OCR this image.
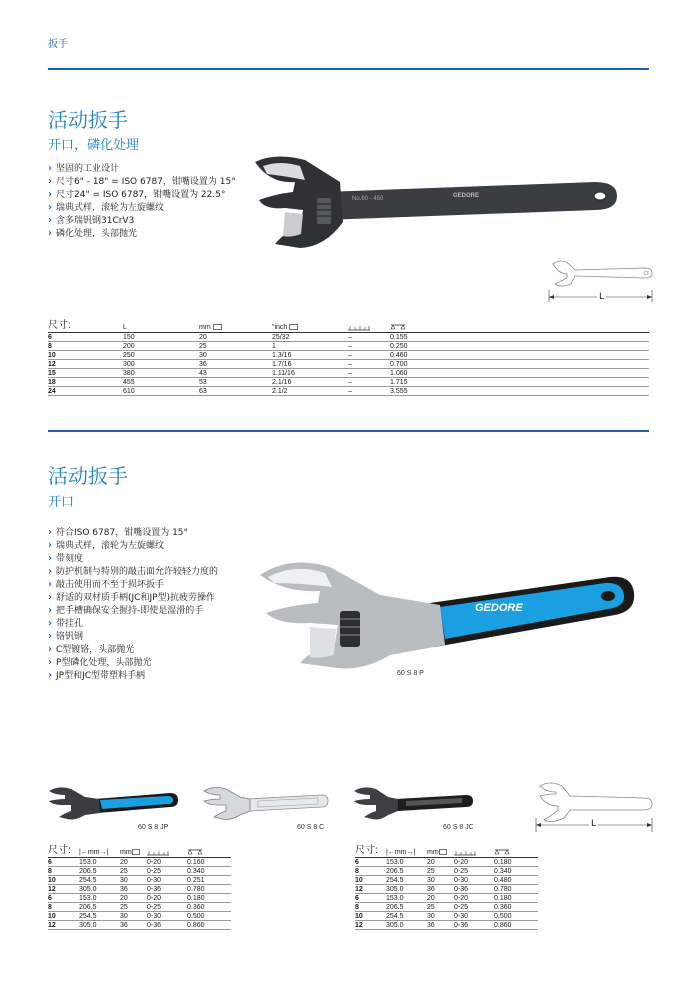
扳手
活动扳手
开口，磷化处理
› 坚固的工业设计
› 尺寸6" - 18" = ISO 6787，钳嘴设置为 15°
› 尺寸24" = ISO 6787，钳嘴设置为 22.5°
› 瑞典式样，滚轮为左旋螺纹
› 含多瑞钒钢31CrV3
› 磷化处理，头部抛光
No.60 - 450	GEDORE
L
尺寸:	L	mm	"inch	

6	150	20	25/32	–	0.155
8	200	25	1	–	0.250
10	250	30	1.3/16	–	0.460
12	300	36	1.7/16	–	0.700
15	380	43	1.11/16	–	1.060
18	455	53	2.1/16	–	1.715
24	610	63	2.1/2	–	3.555
活动扳手
开口
› 符合ISO 6787，钳嘴设置为 15°
› 瑞典式样，滚轮为左旋螺纹
› 带刻度
› 防护机制与特别的敲击面允许较轻力度的
› 敲击使用而不至于损坏扳手
› 舒适的双材质手柄(JC和JP型)抗疲劳操作
› 把手槽确保安全握持-即使是湿滑的手
› 带挂孔
› 铬钒钢
› C型镀铬，头部抛光
› P型磷化处理，头部抛光
› JP型和JC型带塑料手柄
GEDORE
60 S 8 P
60 S 8 JP	60 S 8 C	60 S 8 JC	L
尺寸:	|←mm→|	mm	

6	153.0	20	0-20	0.160
8	206.5	25	0-25	0.340
10	254.5	30	0-30	0.251
12	305.0	36	0-36	0.780
6	153.0	20	0-20	0.180
8	206.5	25	0-25	0.360
10	254.5	30	0-30	0.500
12	305.0	36	0-36	0.860
尺寸:	|←mm→|	mm	

6	153.0	20	0-20	0.180
8	206.5	25	0-25	0.340
10	254.5	30	0-30	0.480
12	305.0	36	0-36	0.780
6	153.0	20	0-20	0.180
8	206.5	25	0-25	0.360
10	254.5	30	0-30	0.500
12	305.0	36	0-36	0.860
